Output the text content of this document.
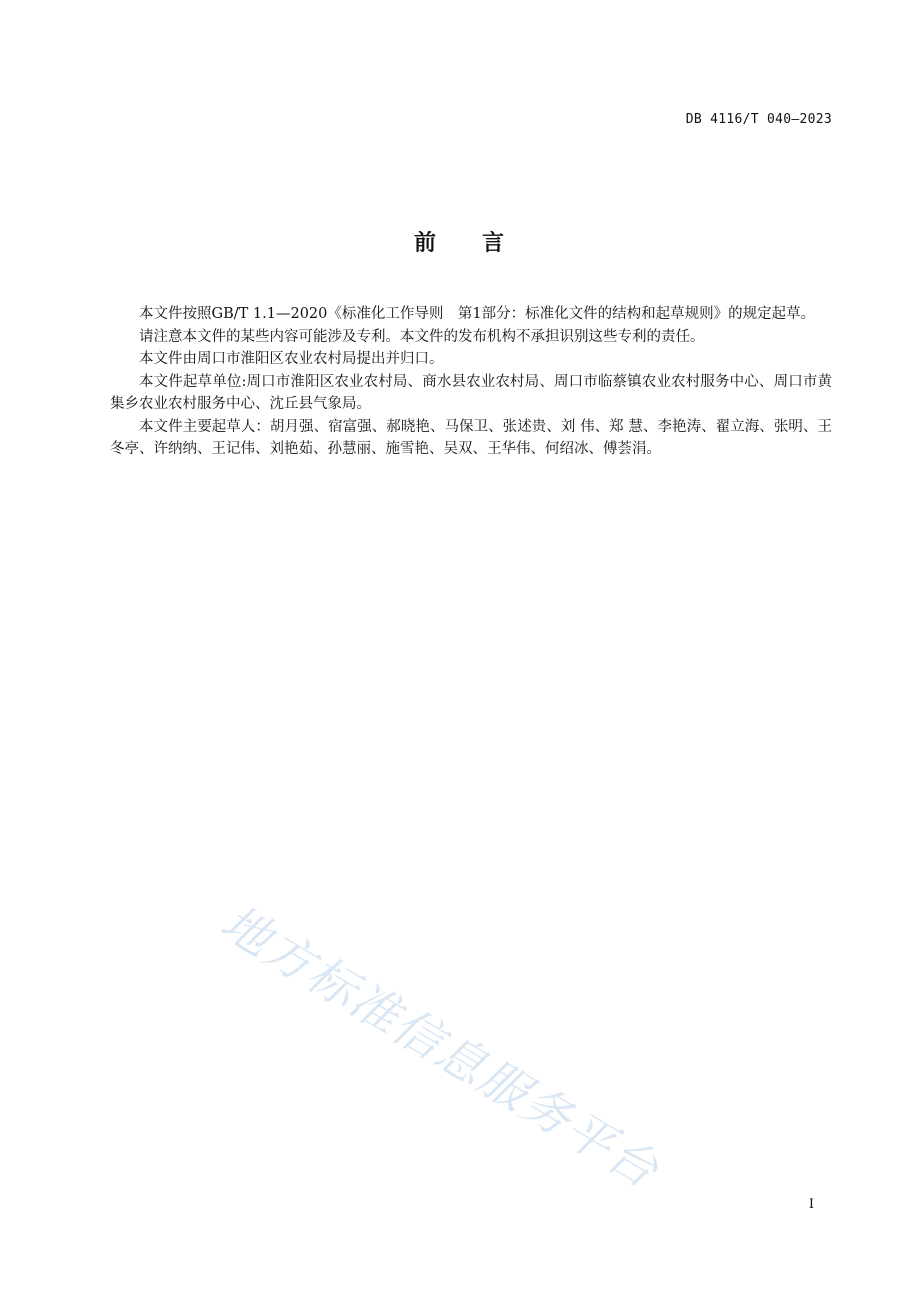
DB 4116/T 040—2023
前 言

本文件按照GB/T 1.1—2020《标准化工作导则　第1部分：标准化文件的结构和起草规则》的规定起草。

请注意本文件的某些内容可能涉及专利。本文件的发布机构不承担识别这些专利的责任。

本文件由周口市淮阳区农业农村局提出并归口。

本文件起草单位:周口市淮阳区农业农村局、商水县农业农村局、周口市临蔡镇农业农村服务中心、周口市黄集乡农业农村服务中心、沈丘县气象局。

本文件主要起草人：胡月强、宿富强、郝晓艳、马保卫、张述贵、刘 伟、郑 慧、李艳涛、翟立海、张明、王冬亭、许纳纳、王记伟、刘艳茹、孙慧丽、施雪艳、吴双、王华伟、何绍冰、傅荟涓。

地方标准信息服务平台
I
